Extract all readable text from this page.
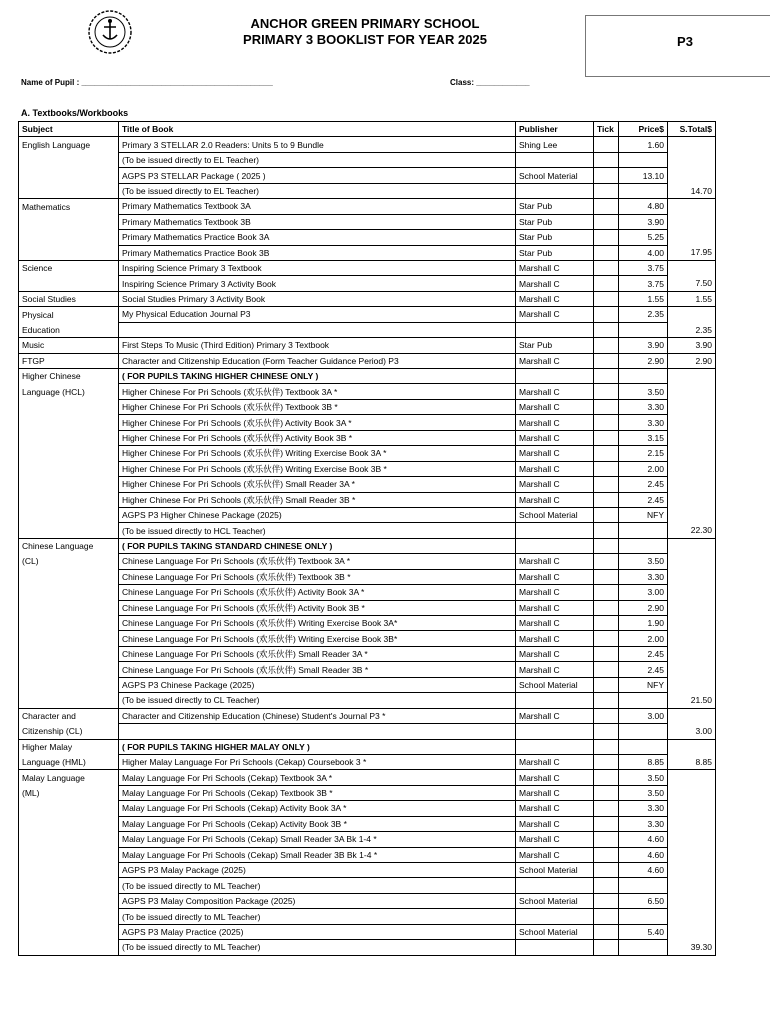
ANCHOR GREEN PRIMARY SCHOOL
PRIMARY 3 BOOKLIST FOR YEAR 2025	P3
Name of Pupil : ___________________________________________	Class: ____________
A. Textbooks/Workbooks
Subject	Title of Book	Publisher	Tick	Price$	S.Total$
English Language	Primary 3 STELLAR 2.0 Readers: Units 5 to 9 Bundle	Shing Lee		1.60	
	(To be issued directly to EL Teacher)				
	AGPS P3 STELLAR Package ( 2025 )	School Material		13.10	
	(To be issued directly to EL Teacher)				14.70
Mathematics	Primary Mathematics Textbook 3A	Star Pub		4.80	
	Primary Mathematics Textbook 3B	Star Pub		3.90	
	Primary Mathematics Practice Book 3A	Star Pub		5.25	
	Primary Mathematics Practice Book 3B	Star Pub		4.00	17.95
Science	Inspiring Science Primary 3 Textbook	Marshall C		3.75	
	Inspiring Science Primary 3 Activity Book	Marshall C		3.75	7.50
Social Studies	Social Studies Primary 3 Activity Book	Marshall C		1.55	1.55
Physical	My Physical Education Journal P3	Marshall C		2.35	
Education					2.35
Music	First Steps To Music (Third Edition) Primary 3 Textbook	Star Pub		3.90	3.90
FTGP	Character and Citizenship Education (Form Teacher Guidance Period) P3	Marshall C		2.90	2.90
Higher Chinese	( FOR PUPILS TAKING HIGHER CHINESE ONLY )				
Language (HCL)	Higher Chinese For Pri Schools (欢乐伙伴) Textbook 3A *	Marshall C		3.50	
	Higher Chinese For Pri Schools (欢乐伙伴) Textbook 3B *	Marshall C		3.30	
	Higher Chinese For Pri Schools (欢乐伙伴) Activity Book 3A *	Marshall C		3.30	
	Higher Chinese For Pri Schools (欢乐伙伴) Activity Book 3B *	Marshall C		3.15	
	Higher Chinese For Pri Schools (欢乐伙伴) Writing Exercise Book 3A *	Marshall C		2.15	
	Higher Chinese For Pri Schools (欢乐伙伴) Writing Exercise Book 3B *	Marshall C		2.00	
	Higher Chinese For Pri Schools (欢乐伙伴) Small Reader 3A *	Marshall C		2.45	
	Higher Chinese For Pri Schools (欢乐伙伴) Small Reader 3B *	Marshall C		2.45	
	AGPS P3 Higher Chinese Package (2025)	School Material		NFY	
	(To be issued directly to HCL Teacher)				22.30
Chinese Language	( FOR PUPILS TAKING STANDARD CHINESE ONLY )				
(CL)	Chinese Language For Pri Schools (欢乐伙伴) Textbook 3A *	Marshall C		3.50	
	Chinese Language For Pri Schools (欢乐伙伴) Textbook 3B *	Marshall C		3.30	
	Chinese Language For Pri Schools (欢乐伙伴) Activity Book 3A *	Marshall C		3.00	
	Chinese Language For Pri Schools (欢乐伙伴) Activity Book 3B *	Marshall C		2.90	
	Chinese Language For Pri Schools (欢乐伙伴) Writing Exercise Book 3A*	Marshall C		1.90	
	Chinese Language For Pri Schools (欢乐伙伴) Writing Exercise Book 3B*	Marshall C		2.00	
	Chinese Language For Pri Schools (欢乐伙伴) Small Reader 3A *	Marshall C		2.45	
	Chinese Language For Pri Schools (欢乐伙伴) Small Reader 3B *	Marshall C		2.45	
	AGPS P3 Chinese Package (2025)	School Material		NFY	
	(To be issued directly to CL Teacher)				21.50
Character and	Character and Citizenship Education (Chinese) Student's Journal P3 *	Marshall C		3.00	
Citizenship (CL)					3.00
Higher Malay	( FOR PUPILS TAKING HIGHER MALAY ONLY )				
Language (HML)	Higher Malay Language For Pri Schools (Cekap) Coursebook 3 *	Marshall C		8.85	8.85
Malay Language	Malay Language For Pri Schools (Cekap) Textbook 3A *	Marshall C		3.50	
(ML)	Malay Language For Pri Schools (Cekap) Textbook 3B *	Marshall C		3.50	
	Malay Language For Pri Schools (Cekap) Activity Book 3A *	Marshall C		3.30	
	Malay Language For Pri Schools (Cekap) Activity Book 3B *	Marshall C		3.30	
	Malay Language For Pri Schools (Cekap) Small Reader 3A Bk 1-4 *	Marshall C		4.60	
	Malay Language For Pri Schools (Cekap) Small Reader 3B Bk 1-4 *	Marshall C		4.60	
	AGPS P3 Malay Package (2025)	School Material		4.60	
	(To be issued directly to ML Teacher)				
	AGPS P3 Malay Composition Package (2025)	School Material		6.50	
	(To be issued directly to ML Teacher)				
	AGPS P3 Malay Practice (2025)	School Material		5.40	
	(To be issued directly to ML Teacher)				39.30
